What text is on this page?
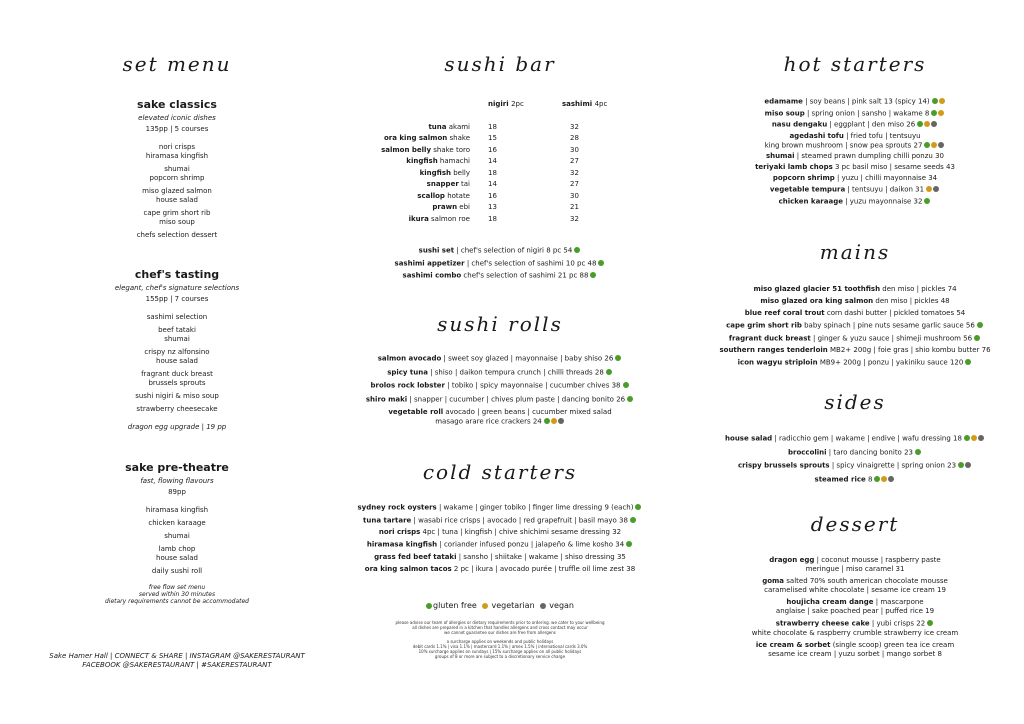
set menu
sake classics
elevated iconic dishes
135pp | 5 courses
nori crisps
hiramasa kingfish
shumai
popcorn shrimp
miso glazed salmon
house salad
cape grim short rib
miso soup
chefs selection dessert
chef's tasting
elegant, chef's signature selections
155pp | 7 courses
sashimi selection
beef tataki
shumai
crispy nz alfonsino
house salad
fragrant duck breast
brussels sprouts
sushi nigiri & miso soup
strawberry cheesecake
dragon egg upgrade | 19 pp
sake pre-theatre
fast, flowing flavours
89pp
hiramasa kingfish
chicken karaage
shumai
lamb chop
house salad
daily sushi roll
free flow set menu
served within 30 minutes
dietary requirements cannot be accommodated
Sake Hamer Hall | CONNECT & SHARE | INSTAGRAM @SAKERESTAURANT
FACEBOOK @SAKERESTAURANT | #SAKERESTAURANT
sushi bar
	nigiri 2pc	sashimi 4pc

tuna akami	18	32
ora king salmon shake	15	28
salmon belly shake toro	16	30
kingfish hamachi	14	27
kingfish belly	18	32
snapper tai	14	27
scallop hotate	16	30
prawn ebi	13	21
ikura salmon roe	18	32
sushi set | chef's selection of nigiri 8 pc 54
sashimi appetizer | chef's selection of sashimi 10 pc 48
sashimi combo chef's selection of sashimi 21 pc 88
sushi rolls
salmon avocado | sweet soy glazed | mayonnaise | baby shiso 26
spicy tuna | shiso | daikon tempura crunch | chilli threads 28
brolos rock lobster | tobiko | spicy mayonnaise | cucumber chives 38
shiro maki | snapper | cucumber | chives plum paste | dancing bonito 26
vegetable roll avocado | green beans | cucumber mixed salad
masago arare rice crackers 24
cold starters
sydney rock oysters | wakame | ginger tobiko | finger lime dressing 9 (each)
tuna tartare | wasabi rice crisps | avocado | red grapefruit | basil mayo 38
nori crisps 4pc | tuna | kingfish | chive shichimi sesame dressing 32
hiramasa kingfish | coriander infused ponzu | jalapeño & lime kosho 34
grass fed beef tataki | sansho | shiitake | wakame | shiso dressing 35
ora king salmon tacos 2 pc | ikura | avocado purée | truffle oil lime zest 38
gluten free vegetarian vegan
please advise our team of allergies or dietary requirements prior to ordering. we cater to your wellbeing
all dishes are prepared in a kitchen that handles allergens and cross contact may occur
we cannot guarantee our dishes are free from allergens
a surcharge applies on weekends and public holidays
debit cards 1.1% | visa 1.1% | mastercard 1.1% | amex 1.5% | international cards 3.0%
10% surcharge applies on sundays | 15% surcharge applies on all public holidays
groups of 8 or more are subject to a discretionary service charge
hot starters
edamame | soy beans | pink salt 13 (spicy 14)
miso soup | spring onion | sansho | wakame 8
nasu dengaku | eggplant | den miso 26
agedashi tofu | fried tofu | tentsuyu
king brown mushroom | snow pea sprouts 27
shumai | steamed prawn dumpling chilli ponzu 30
teriyaki lamb chops 3 pc basil miso | sesame seeds 43
popcorn shrimp | yuzu | chilli mayonnaise 34
vegetable tempura | tentsuyu | daikon 31
chicken karaage | yuzu mayonnaise 32
mains
miso glazed glacier 51 toothfish den miso | pickles 74
miso glazed ora king salmon den miso | pickles 48
blue reef coral trout corn dashi butter | pickled tomatoes 54
cape grim short rib baby spinach | pine nuts sesame garlic sauce 56
fragrant duck breast | ginger & yuzu sauce | shimeji mushroom 56
southern ranges tenderloin MB2+ 200g | foie gras | shio kombu butter 76
icon wagyu striploin MB9+ 200g | ponzu | yakiniku sauce 120
sides
house salad | radicchio gem | wakame | endive | wafu dressing 18
broccolini | taro dancing bonito 23
crispy brussels sprouts | spicy vinaigrette | spring onion 23
steamed rice 8
dessert
dragon egg | coconut mousse | raspberry paste
meringue | miso caramel 31
goma salted 70% south american chocolate mousse
caramelised white chocolate | sesame ice cream 19
houjicha cream dange | mascarpone
anglaise | sake poached pear | puffed rice 19
strawberry cheese cake | yubi crisps 22
white chocolate & raspberry crumble strawberry ice cream
ice cream & sorbet (single scoop) green tea ice cream
sesame ice cream | yuzu sorbet | mango sorbet 8
